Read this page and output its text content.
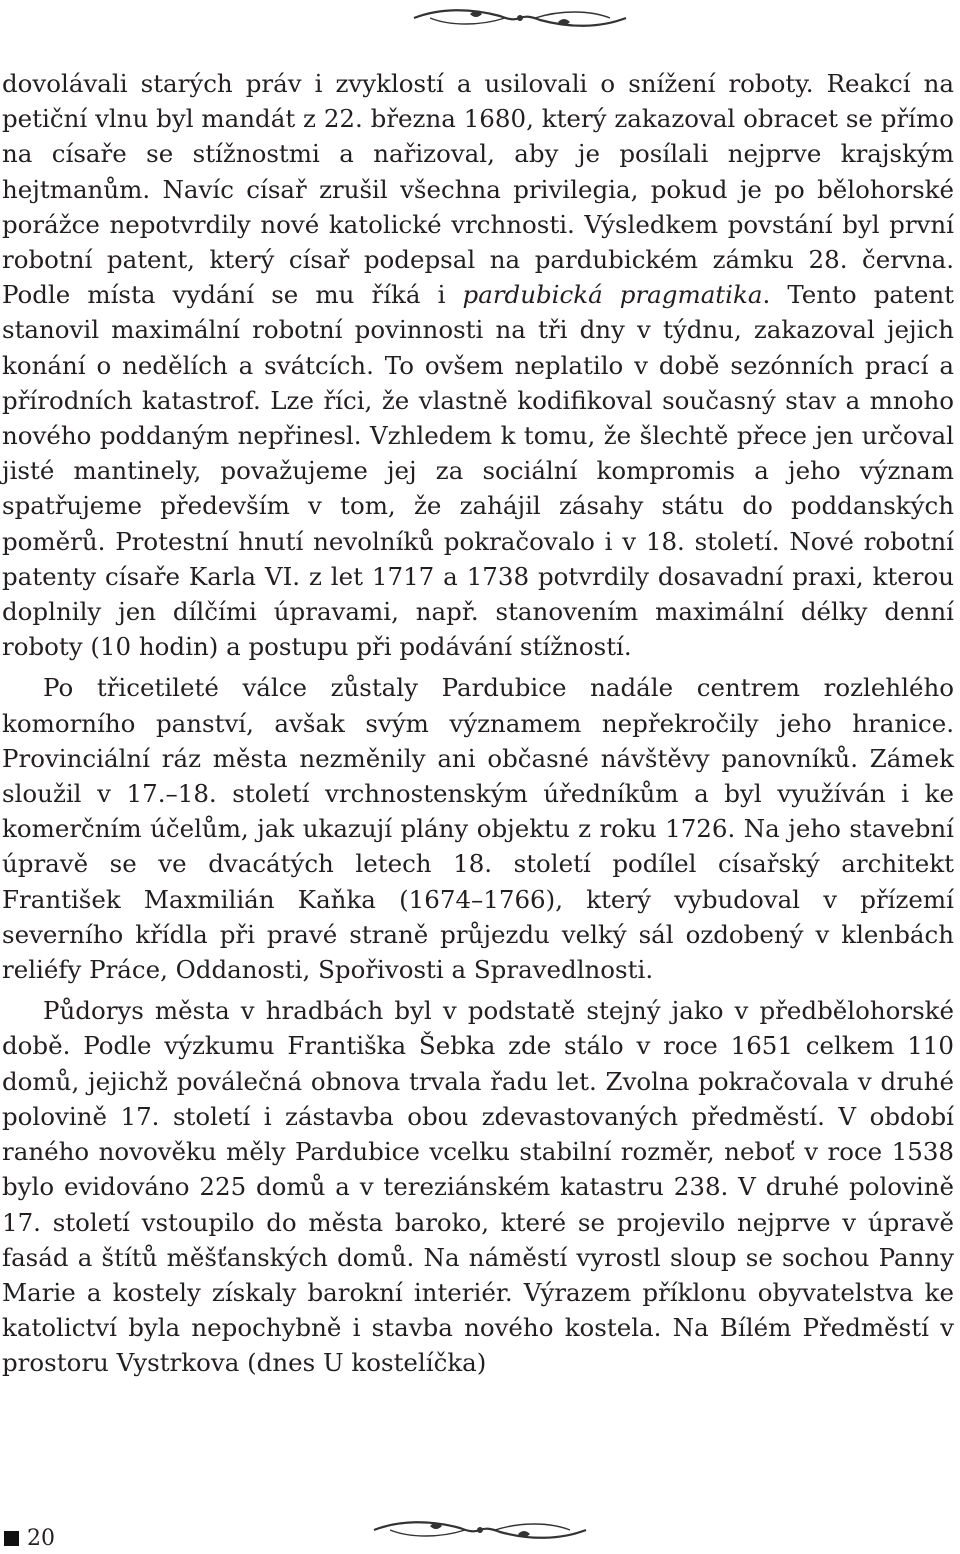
dovolávali starých práv i zvyklostí a usilovali o snížení roboty. Reakcí na petiční vlnu byl mandát z 22. března 1680, který zakazoval obracet se přímo na císaře se stížnostmi a nařizoval, aby je posílali nejprve krajským hejtmanům. Navíc císař zrušil všechna privilegia, pokud je po bělohorské porážce nepotvrdily nové katolické vrchnosti. Výsledkem povstání byl první robotní patent, který císař podepsal na pardubickém zámku 28. června. Podle místa vydání se mu říká i pardubická pragmatika. Tento patent stanovil maximální robotní povinnosti na tři dny v týdnu, zakazoval jejich konání o nedělích a svátcích. To ovšem neplatilo v době sezónních prací a přírodních katastrof. Lze říci, že vlastně kodifikoval současný stav a mnoho nového poddaným nepřinesl. Vzhledem k tomu, že šlechtě přece jen určoval jisté mantinely, považujeme jej za sociální kompromis a jeho význam spatřujeme především v tom, že zahájil zásahy státu do poddanských poměrů. Protestní hnutí nevolníků pokračovalo i v 18. století. Nové robotní patenty císaře Karla VI. z let 1717 a 1738 potvrdily dosavadní praxi, kterou doplnily jen dílčími úpravami, např. stanovením maximální délky denní roboty (10 hodin) a postupu při podávání stížností.

Po třicetileté válce zůstaly Pardubice nadále centrem rozlehlého komorního panství, avšak svým významem nepřekročily jeho hranice. Provinciální ráz města nezměnily ani občasné návštěvy panovníků. Zámek sloužil v 17.–18. století vrchnostenským úředníkům a byl využíván i ke komerčním účelům, jak ukazují plány objektu z roku 1726. Na jeho stavební úpravě se ve dvacátých letech 18. století podílel císařský architekt František Maxmilián Kaňka (1674–1766), který vybudoval v přízemí severního křídla při pravé straně průjezdu velký sál ozdobený v klenbách reliéfy Práce, Oddanosti, Spořivosti a Spravedlnosti.

Půdorys města v hradbách byl v podstatě stejný jako v předbělohorské době. Podle výzkumu Františka Šebka zde stálo v roce 1651 celkem 110 domů, jejichž poválečná obnova trvala řadu let. Zvolna pokračovala v druhé polovině 17. století i zástavba obou zdevastovaných předměstí. V období raného novověku měly Pardubice vcelku stabilní rozměr, neboť v roce 1538 bylo evidováno 225 domů a v tereziánském katastru 238. V druhé polovině 17. století vstoupilo do města baroko, které se projevilo nejprve v úpravě fasád a štítů měšťanských domů. Na náměstí vyrostl sloup se sochou Panny Marie a kostely získaly barokní interiér. Výrazem příklonu obyvatelstva ke katolictví byla nepochybně i stavba nového kostela. Na Bílém Předměstí v prostoru Vystrkova (dnes U kostelíčka)

20
